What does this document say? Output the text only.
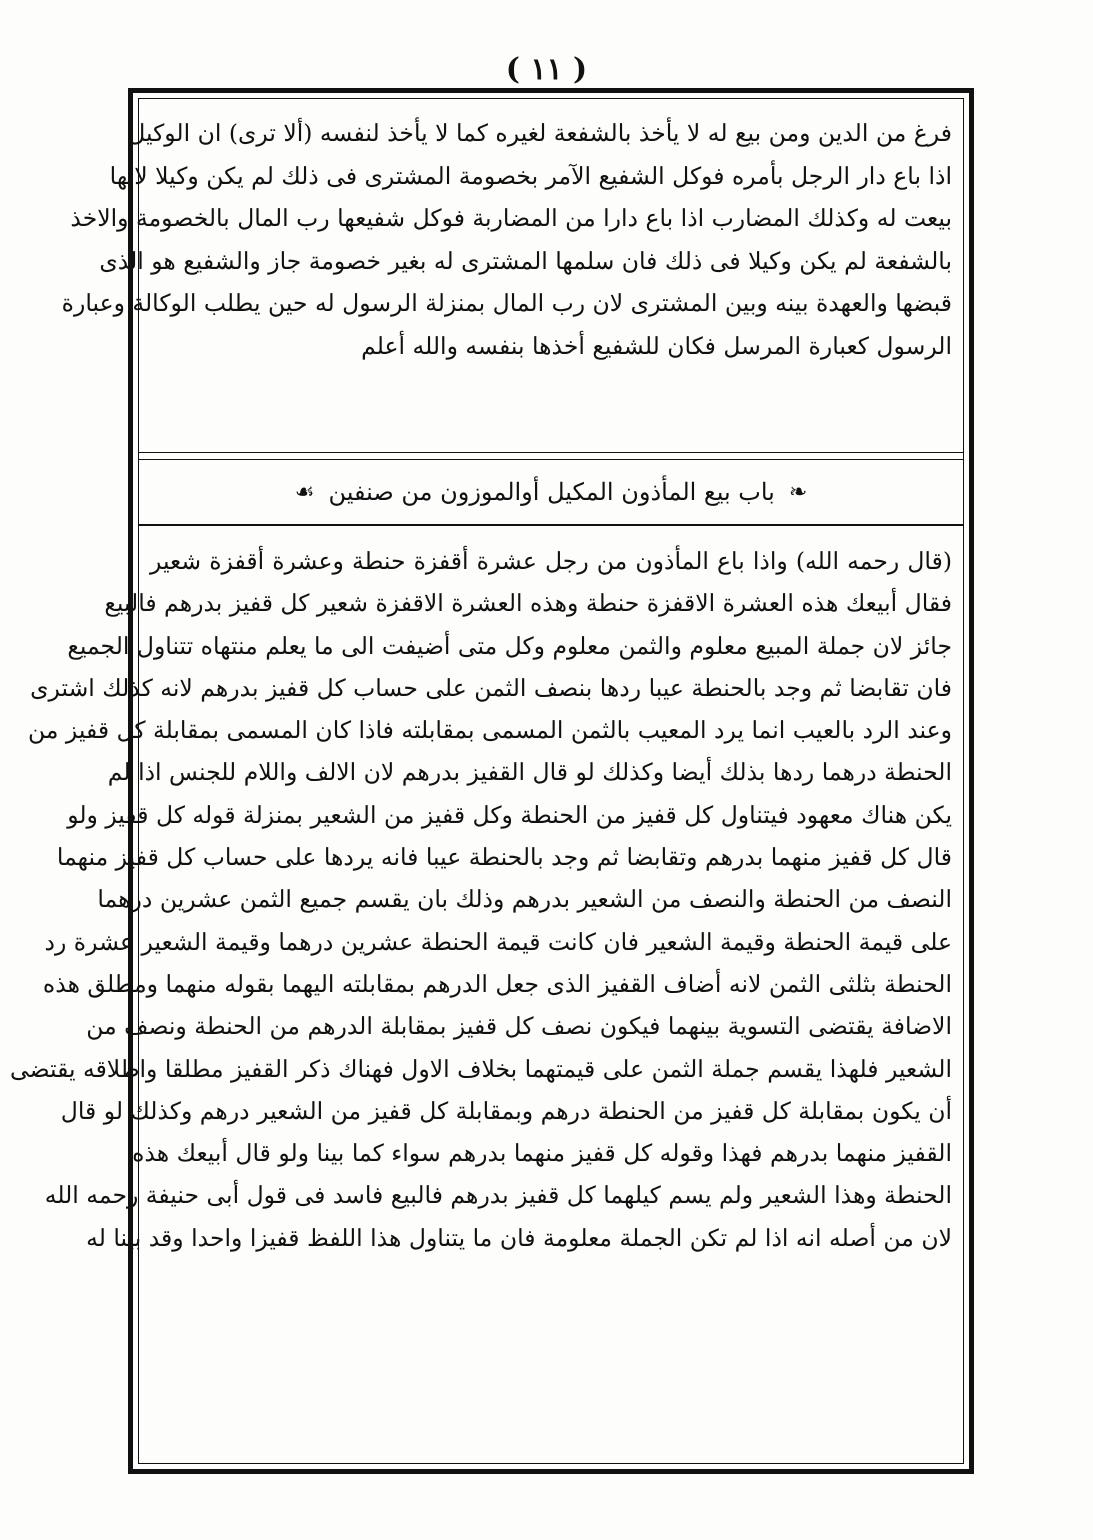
( ١١ )
فرغ من الدين ومن بيع له لا يأخذ بالشفعة لغيره كما لا يأخذ لنفسه (ألا ترى) ان الوكيل
اذا باع دار الرجل بأمره فوكل الشفيع الآمر بخصومة المشترى فى ذلك لم يكن وكيلا لانها
بيعت له وكذلك المضارب اذا باع دارا من المضاربة فوكل شفيعها رب المال بالخصومة والاخذ
بالشفعة لم يكن وكيلا فى ذلك فان سلمها المشترى له بغير خصومة جاز والشفيع هو الذى
قبضها والعهدة بينه وبين المشترى لان رب المال بمنزلة الرسول له حين يطلب الوكالة وعبارة
الرسول كعبارة المرسل فكان للشفيع أخذها بنفسه والله أعلم
❧
باب بيع المأذون المكيل أوالموزون من صنفين
☙
(قال رحمه الله) واذا باع المأذون من رجل عشرة أقفزة حنطة وعشرة أقفزة شعير
فقال أبيعك هذه العشرة الاقفزة حنطة وهذه العشرة الاقفزة شعير كل قفيز بدرهم فالبيع
جائز لان جملة المبيع معلوم والثمن معلوم وكل متى أضيفت الى ما يعلم منتهاه تتناول الجميع
فان تقابضا ثم وجد بالحنطة عيبا ردها بنصف الثمن على حساب كل قفيز بدرهم لانه كذلك اشترى
وعند الرد بالعيب انما يرد المعيب بالثمن المسمى بمقابلته فاذا كان المسمى بمقابلة كل قفيز من
الحنطة درهما ردها بذلك أيضا وكذلك لو قال القفيز بدرهم لان الالف واللام للجنس اذا لم
يكن هناك معهود فيتناول كل قفيز من الحنطة وكل قفيز من الشعير بمنزلة قوله كل قفيز ولو
قال كل قفيز منهما بدرهم وتقابضا ثم وجد بالحنطة عيبا فانه يردها على حساب كل قفيز منهما
النصف من الحنطة والنصف من الشعير بدرهم وذلك بان يقسم جميع الثمن عشرين درهما
على قيمة الحنطة وقيمة الشعير فان كانت قيمة الحنطة عشرين درهما وقيمة الشعير عشرة رد
الحنطة بثلثى الثمن لانه أضاف القفيز الذى جعل الدرهم بمقابلته اليهما بقوله منهما ومطلق هذه
الاضافة يقتضى التسوية بينهما فيكون نصف كل قفيز بمقابلة الدرهم من الحنطة ونصف من
الشعير فلهذا يقسم جملة الثمن على قيمتهما بخلاف الاول فهناك ذكر القفيز مطلقا واطلاقه يقتضى
أن يكون بمقابلة كل قفيز من الحنطة درهم وبمقابلة كل قفيز من الشعير درهم وكذلك لو قال
القفيز منهما بدرهم فهذا وقوله كل قفيز منهما بدرهم سواء كما بينا ولو قال أبيعك هذه
الحنطة وهذا الشعير ولم يسم كيلهما كل قفيز بدرهم فالبيع فاسد فى قول أبى حنيفة رحمه الله
لان من أصله انه اذا لم تكن الجملة معلومة فان ما يتناول هذا اللفظ قفيزا واحدا وقد بينا له
